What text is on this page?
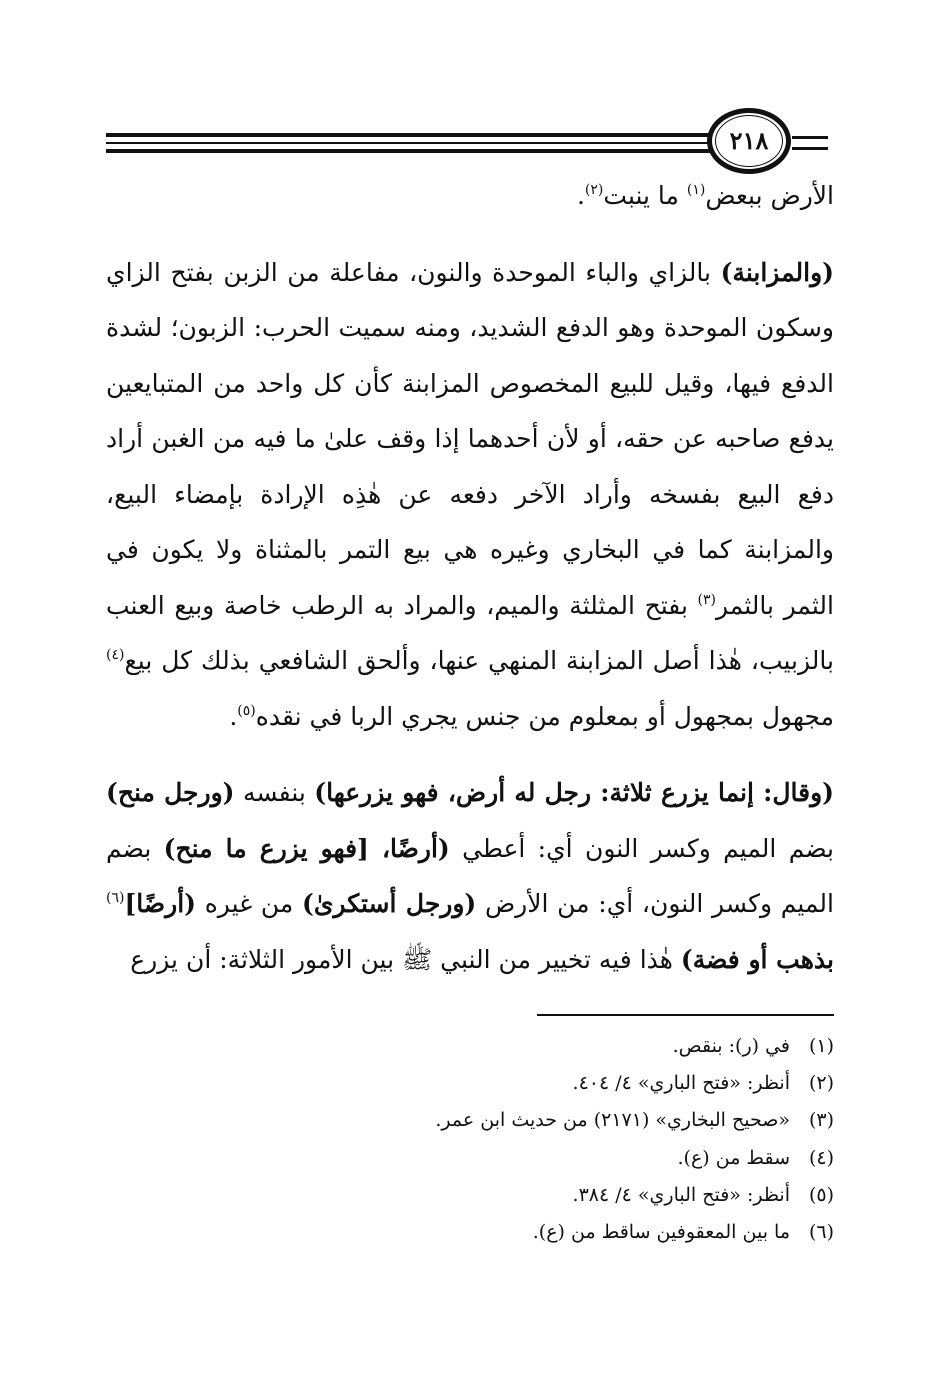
٢١٨

الأرض ببعض$^{(١)}$ ما ينبت$^{(٢)}$.

(والمزابنة) بالزاي والباء الموحدة والنون، مفاعلة من الزبن بفتح الزاي وسكون الموحدة وهو الدفع الشديد، ومنه سميت الحرب: الزبون؛ لشدة الدفع فيها، وقيل للبيع المخصوص المزابنة كأن كل واحد من المتبايعين يدفع صاحبه عن حقه، أو لأن أحدهما إذا وقف علىٰ ما فيه من الغبن أراد دفع البيع بفسخه وأراد الآخر دفعه عن هٰذِه الإرادة بإمضاء البيع، والمزابنة كما في البخاري وغيره هي بيع التمر بالمثناة ولا يكون في الثمر بالثمر$^{(٣)}$ بفتح المثلثة والميم، والمراد به الرطب خاصة وبيع العنب بالزبيب، هٰذا أصل المزابنة المنهي عنها، وألحق الشافعي بذلك كل بيع$^{(٤)}$ مجهول بمجهول أو بمعلوم من جنس يجري الربا في نقده$^{(٥)}$.

(وقال: إنما يزرع ثلاثة: رجل له أرض، فهو يزرعها) بنفسه (ورجل منح) بضم الميم وكسر النون أي: أعطي (أرضًا، [فهو يزرع ما منح) بضم الميم وكسر النون، أي: من الأرض (ورجل أستكرىٰ) من غيره (أرضًا]$^{(٦)}$ بذهب أو فضة) هٰذا فيه تخيير من النبي ﷺ بين الأمور الثلاثة: أن يزرع

(١)
في (ر): بنقص.
(٢)
أنظر: «فتح الباري» ٤/ ٤٠٤.
(٣)
«صحيح البخاري» (٢١٧١) من حديث ابن عمر.
(٤)
سقط من (ع).
(٥)
أنظر: «فتح الباري» ٤/ ٣٨٤.
(٦)
ما بين المعقوفين ساقط من (ع).
